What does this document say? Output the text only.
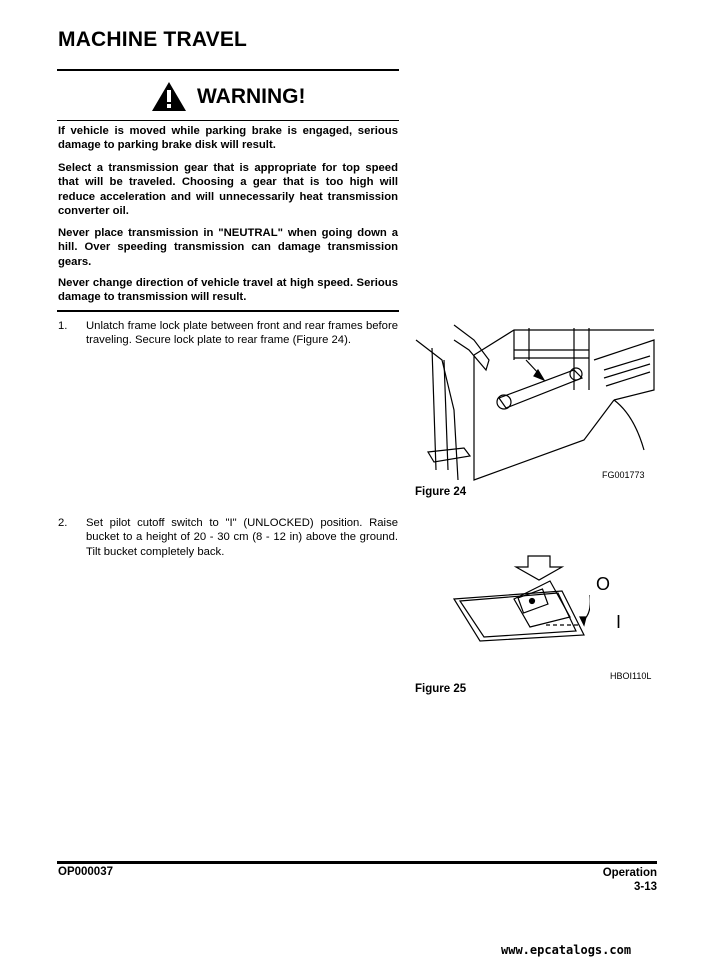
MACHINE TRAVEL
WARNING!

If vehicle is moved while parking brake is engaged, serious damage to parking brake disk will result.

Select a transmission gear that is appropriate for top speed that will be traveled. Choosing a gear that is too high will reduce acceleration and will unnecessarily heat transmission converter oil.

Never place transmission in "NEUTRAL" when going down a hill. Over speeding transmission can damage transmission gears.

Never change direction of vehicle travel at high speed. Serious damage to transmission will result.

1. Unlatch frame lock plate between front and rear frames before traveling. Secure lock plate to rear frame (Figure 24).
2. Set pilot cutoff switch to "I" (UNLOCKED) position. Raise bucket to a height of 20 - 30 cm (8 - 12 in) above the ground. Tilt bucket completely back.
FG001773
Figure 24
O
I
HBOI110L
Figure 25
OP000037	Operation
3-13
www.epcatalogs.com
